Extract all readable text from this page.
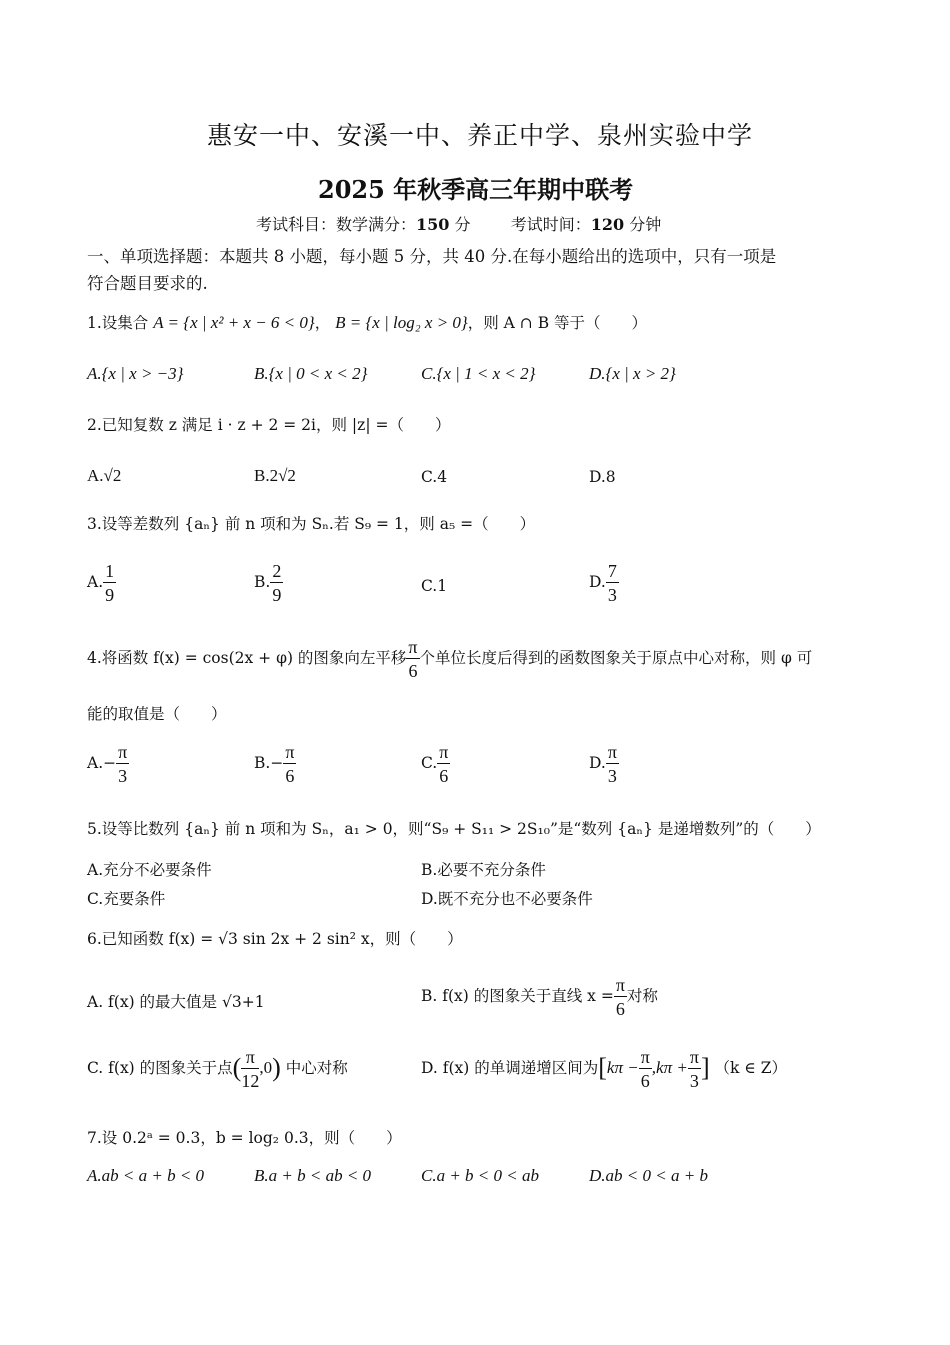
惠安一中、安溪一中、养正中学、泉州实验中学
2025 年秋季高三年期中联考
考试科目：数学满分：150 分	考试时间：120 分钟
一、单项选择题：本题共 8 小题，每小题 5 分，共 40 分.在每小题给出的选项中，只有一项是
符合题目要求的.
1.设集合 A = {x | x² + x − 6 < 0}， B = {x | log₂ x > 0}，则 A ∩ B 等于（　　）
A.{x | x > −3}	B.{x | 0 < x < 2}	C.{x | 1 < x < 2}	D.{x | x > 2}
2.已知复数 z 满足 i · z + 2 = 2i，则 |z| =（　　）
A.√2	B.2√2	C.4	D.8
3.设等差数列 {aₙ} 前 n 项和为 Sₙ.若 S₉ = 1，则 a₅ =（　　）
A. $\frac{1}{9}$	B. $\frac{2}{9}$	C.1	D. $\frac{7}{3}$
4.将函数 f(x) = cos(2x + φ) 的图象向左平移 $\frac{\pi}{6}$ 个单位长度后得到的函数图象关于原点中心对称，则 φ 可
能的取值是（　　）
$A.- \frac{\pi}{3}$	$B.- \frac{\pi}{6}$	C. $\frac{\pi}{6}$	D. $\frac{\pi}{3}$
5.设等比数列 {aₙ} 前 n 项和为 Sₙ，a₁ > 0，则“S₉ + S₁₁ > 2S₁₀”是“数列 {aₙ} 是递增数列”的（　　）
A.充分不必要条件	B.必要不充分条件
C.充要条件	D.既不充分也不必要条件
6.已知函数 f(x) = √3 sin 2x + 2 sin² x，则（　　）
A. f(x) 的最大值是 √3+1	B. f(x) 的图象关于直线 $x = \frac{\pi}{6}$ 对称
C. f(x) 的图象关于点( $\frac{\pi}{12} ,0$) 中心对称	D. f(x) 的单调递增区间为[$k\pi - \frac{\pi}{6} ,k\pi + \frac{\pi}{3}$ ] （k ∈ Z）
7.设 0.2ᵃ = 0.3，b = log₂ 0.3，则（　　）
A.ab < a + b < 0	B.a + b < ab < 0	C.a + b < 0 < ab	D.ab < 0 < a + b
